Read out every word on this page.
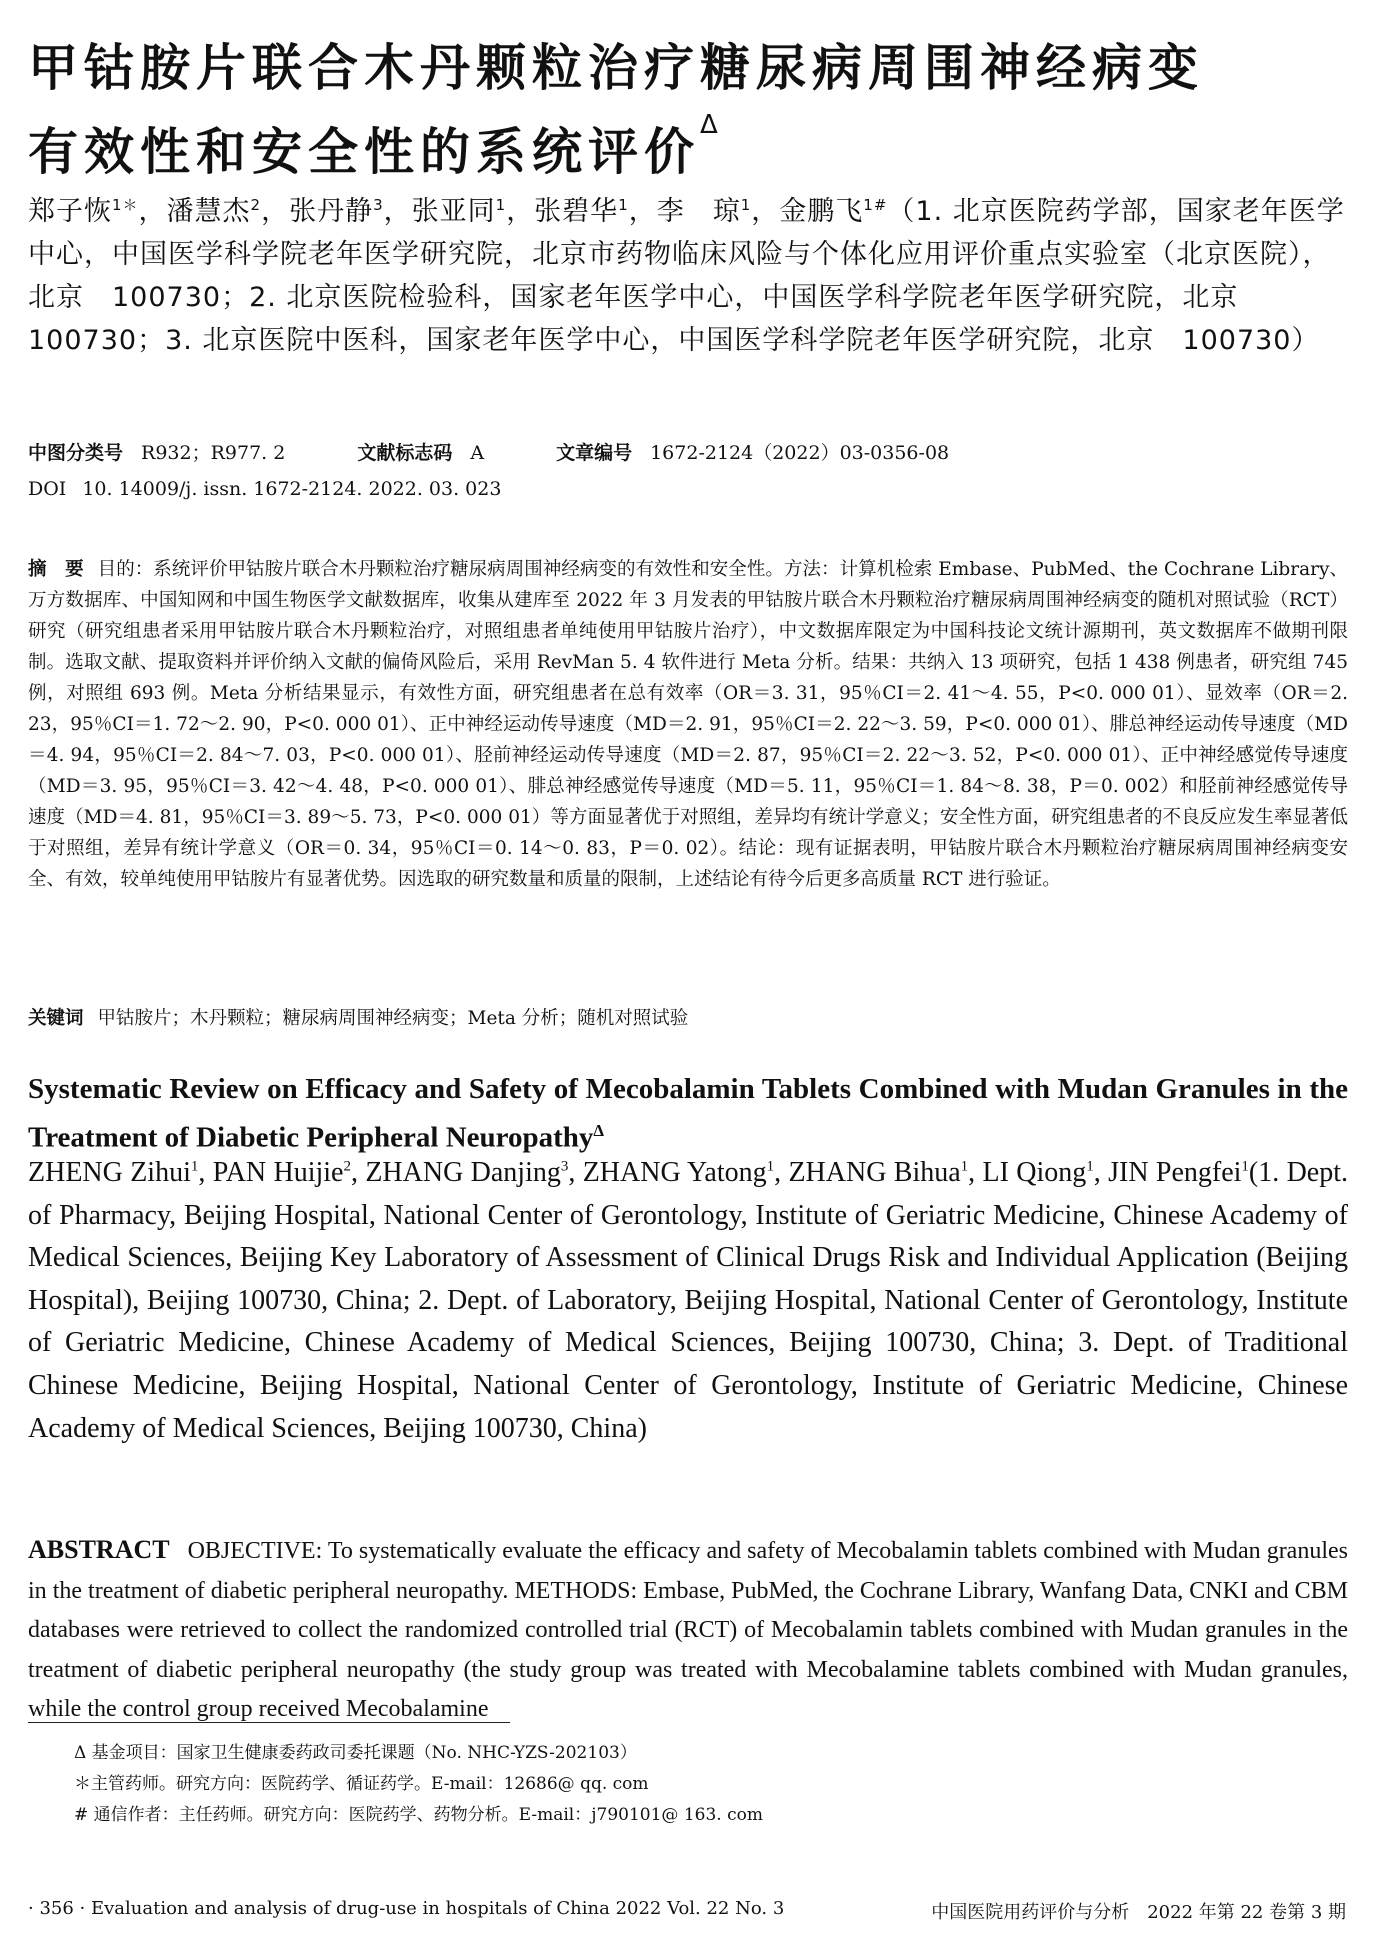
甲钴胺片联合木丹颗粒治疗糖尿病周围神经病变
有效性和安全性的系统评价$^\Delta$
郑子恢$^{1*}$，潘慧杰$^2$，张丹静$^3$，张亚同$^1$，张碧华$^1$，李　琼$^1$，金鹏飞$^{1\#}$（1. 北京医院药学部，国家老年医学中心，中国医学科学院老年医学研究院，北京市药物临床风险与个体化应用评价重点实验室（北京医院），北京　100730；2. 北京医院检验科，国家老年医学中心，中国医学科学院老年医学研究院，北京　100730；3. 北京医院中医科，国家老年医学中心，中国医学科学院老年医学研究院，北京　100730）
中图分类号 R932；R977. 2	文献标志码 A	文章编号 1672-2124（2022）03-0356-08
DOI 10. 14009/j. issn. 1672-2124. 2022. 03. 023
摘　要 目的：系统评价甲钴胺片联合木丹颗粒治疗糖尿病周围神经病变的有效性和安全性。方法：计算机检索 Embase、PubMed、the Cochrane Library、万方数据库、中国知网和中国生物医学文献数据库，收集从建库至 2022 年 3 月发表的甲钴胺片联合木丹颗粒治疗糖尿病周围神经病变的随机对照试验（RCT）研究（研究组患者采用甲钴胺片联合木丹颗粒治疗，对照组患者单纯使用甲钴胺片治疗），中文数据库限定为中国科技论文统计源期刊，英文数据库不做期刊限制。选取文献、提取资料并评价纳入文献的偏倚风险后，采用 RevMan 5. 4 软件进行 Meta 分析。结果：共纳入 13 项研究，包括 1 438 例患者，研究组 745 例，对照组 693 例。Meta 分析结果显示，有效性方面，研究组患者在总有效率（OR＝3. 31，95％CI＝2. 41～4. 55，P<0. 000 01）、显效率（OR＝2. 23，95％CI＝1. 72～2. 90，P<0. 000 01）、正中神经运动传导速度（MD＝2. 91，95％CI＝2. 22～3. 59，P<0. 000 01）、腓总神经运动传导速度（MD＝4. 94，95％CI＝2. 84～7. 03，P<0. 000 01）、胫前神经运动传导速度（MD＝2. 87，95％CI＝2. 22～3. 52，P<0. 000 01）、正中神经感觉传导速度（MD＝3. 95，95％CI＝3. 42～4. 48，P<0. 000 01）、腓总神经感觉传导速度（MD＝5. 11，95％CI＝1. 84～8. 38，P＝0. 002）和胫前神经感觉传导速度（MD＝4. 81，95％CI＝3. 89～5. 73，P<0. 000 01）等方面显著优于对照组，差异均有统计学意义；安全性方面，研究组患者的不良反应发生率显著低于对照组，差异有统计学意义（OR＝0. 34，95％CI＝0. 14～0. 83，P＝0. 02）。结论：现有证据表明，甲钴胺片联合木丹颗粒治疗糖尿病周围神经病变安全、有效，较单纯使用甲钴胺片有显著优势。因选取的研究数量和质量的限制，上述结论有待今后更多高质量 RCT 进行验证。
关键词 甲钴胺片；木丹颗粒；糖尿病周围神经病变；Meta 分析；随机对照试验
Systematic Review on Efficacy and Safety of Mecobalamin Tablets Combined with Mudan Granules in the Treatment of Diabetic Peripheral Neuropathy$^\Delta$
ZHENG Zihui$^1$, PAN Huijie$^2$, ZHANG Danjing$^3$, ZHANG Yatong$^1$, ZHANG Bihua$^1$, LI Qiong$^1$, JIN Pengfei$^1$(1. Dept. of Pharmacy, Beijing Hospital, National Center of Gerontology, Institute of Geriatric Medicine, Chinese Academy of Medical Sciences, Beijing Key Laboratory of Assessment of Clinical Drugs Risk and Individual Application (Beijing Hospital), Beijing 100730, China; 2. Dept. of Laboratory, Beijing Hospital, National Center of Gerontology, Institute of Geriatric Medicine, Chinese Academy of Medical Sciences, Beijing 100730, China; 3. Dept. of Traditional Chinese Medicine, Beijing Hospital, National Center of Gerontology, Institute of Geriatric Medicine, Chinese Academy of Medical Sciences, Beijing 100730, China)
ABSTRACT OBJECTIVE: To systematically evaluate the efficacy and safety of Mecobalamin tablets combined with Mudan granules in the treatment of diabetic peripheral neuropathy. METHODS: Embase, PubMed, the Cochrane Library, Wanfang Data, CNKI and CBM databases were retrieved to collect the randomized controlled trial (RCT) of Mecobalamin tablets combined with Mudan granules in the treatment of diabetic peripheral neuropathy (the study group was treated with Mecobalamine tablets combined with Mudan granules, while the control group received Mecobalamine
Δ 基金项目：国家卫生健康委药政司委托课题（No. NHC-YZS-202103）
＊主管药师。研究方向：医院药学、循证药学。E-mail：12686@ qq. com
# 通信作者：主任药师。研究方向：医院药学、药物分析。E-mail：j790101@ 163. com
· 356 · Evaluation and analysis of drug-use in hospitals of China 2022 Vol. 22 No. 3	中国医院用药评价与分析　2022 年第 22 卷第 3 期
